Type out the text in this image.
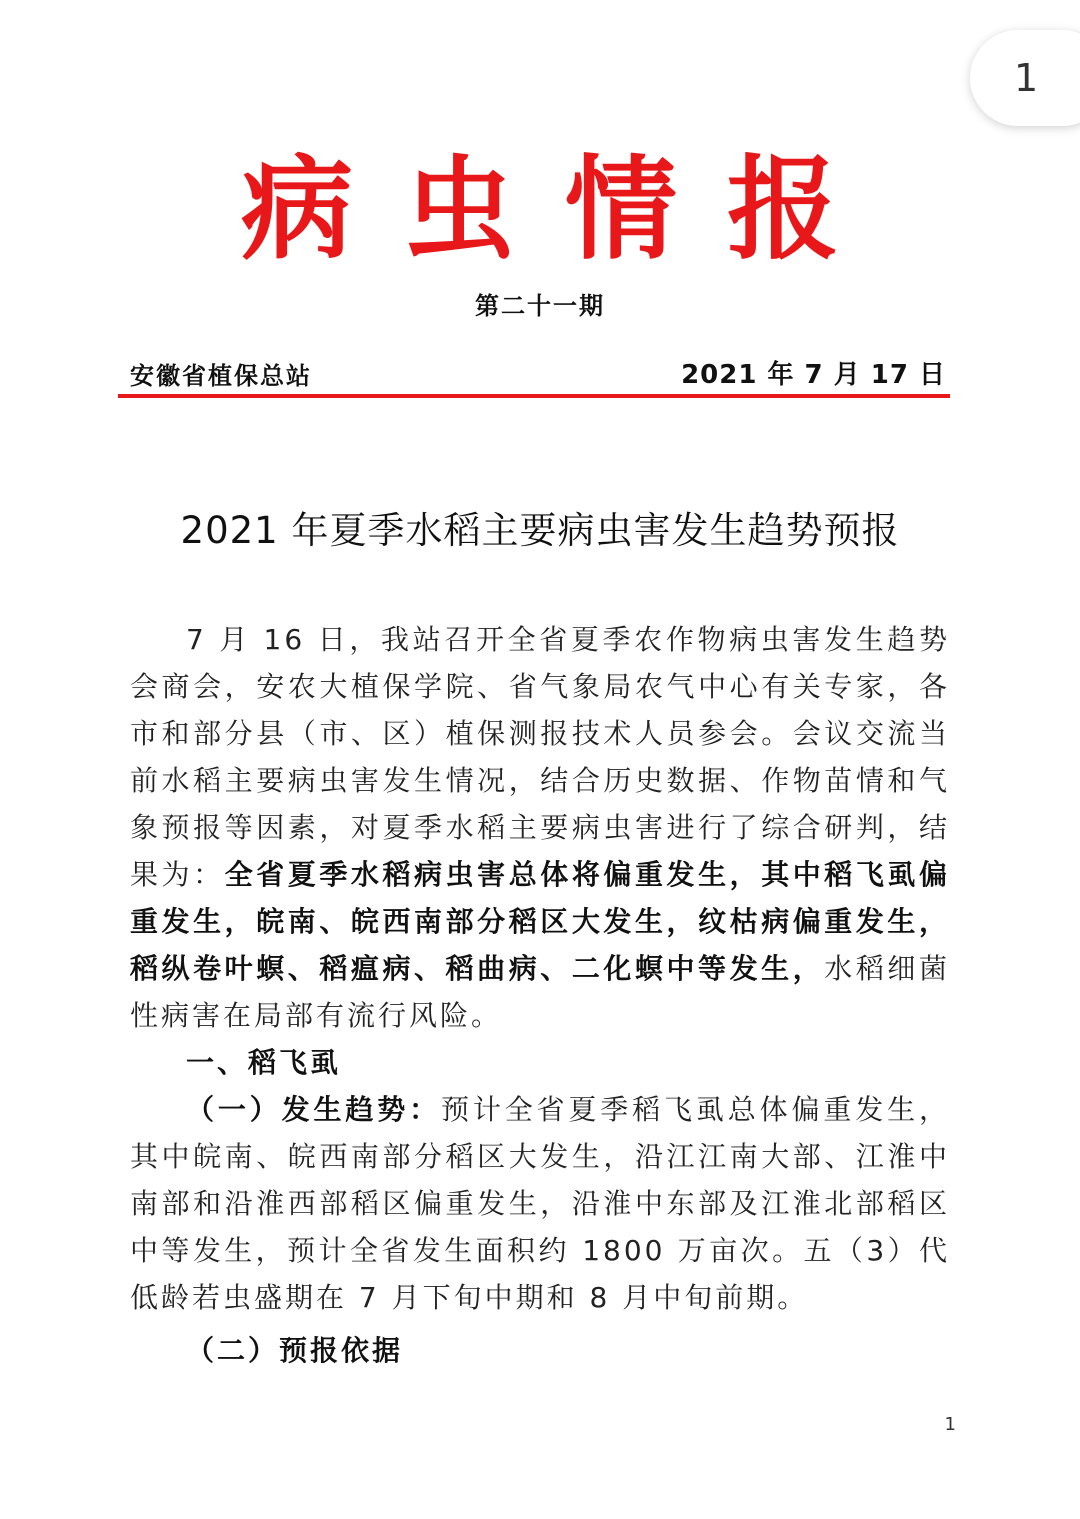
1
病虫情报
第二十一期
安徽省植保总站	2021 年 7 月 17 日
2021 年夏季水稻主要病虫害发生趋势预报

7 月 16 日，我站召开全省夏季农作物病虫害发生趋势会商会，安农大植保学院、省气象局农气中心有关专家，各市和部分县（市、区）植保测报技术人员参会。会议交流当前水稻主要病虫害发生情况，结合历史数据、作物苗情和气象预报等因素，对夏季水稻主要病虫害进行了综合研判，结果为：全省夏季水稻病虫害总体将偏重发生，其中稻飞虱偏重发生，皖南、皖西南部分稻区大发生，纹枯病偏重发生，稻纵卷叶螟、稻瘟病、稻曲病、二化螟中等发生，水稻细菌性病害在局部有流行风险。

一、稻飞虱

（一）发生趋势：预计全省夏季稻飞虱总体偏重发生，其中皖南、皖西南部分稻区大发生，沿江江南大部、江淮中南部和沿淮西部稻区偏重发生，沿淮中东部及江淮北部稻区中等发生，预计全省发生面积约 1800 万亩次。五（3）代低龄若虫盛期在 7 月下旬中期和 8 月中旬前期。

（二）预报依据
1
